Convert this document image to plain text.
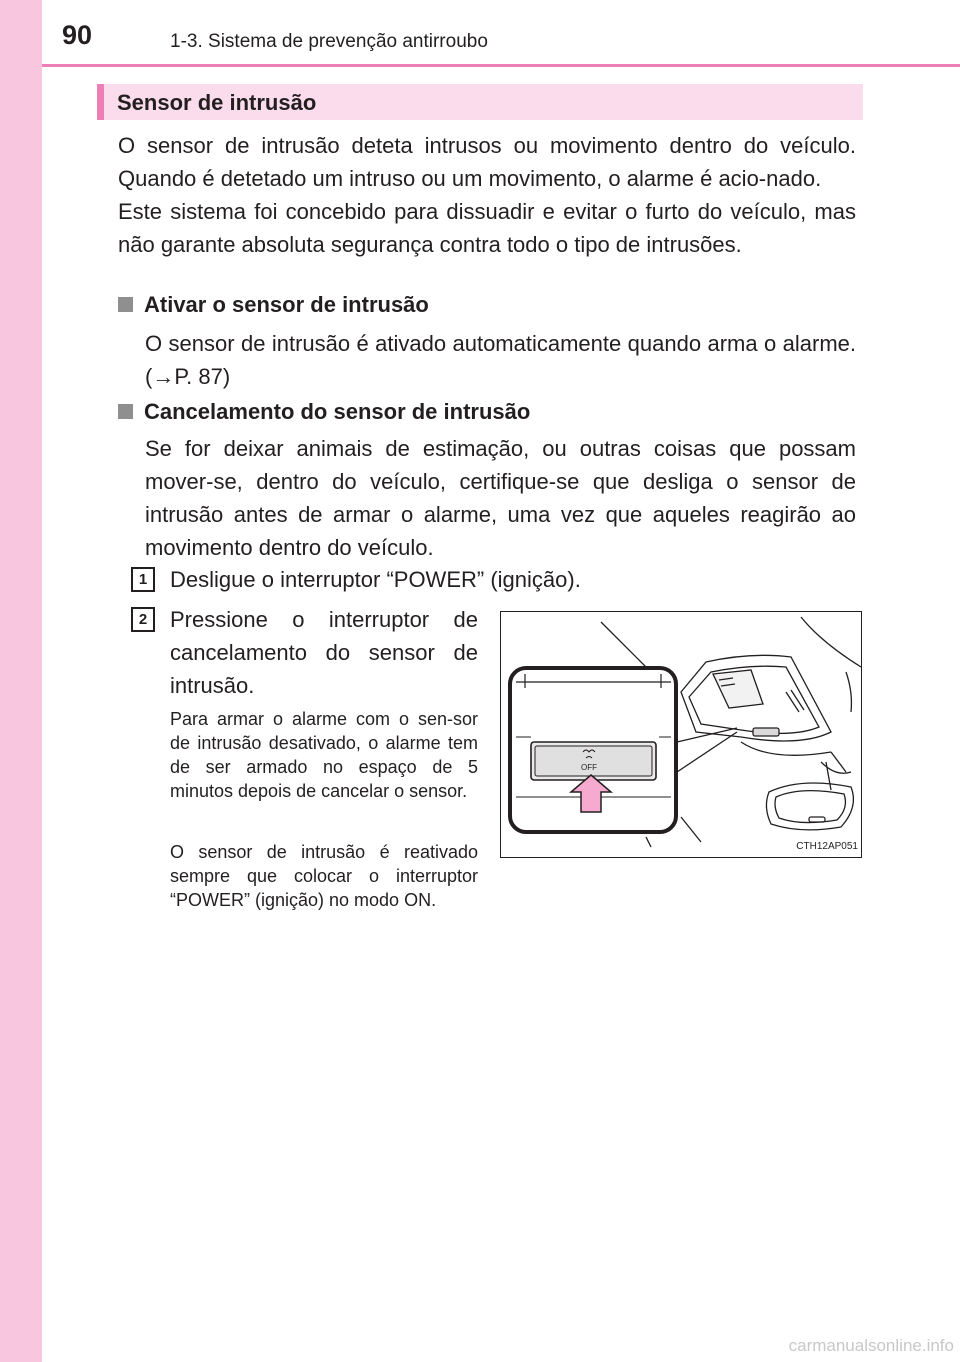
90	1-3. Sistema de prevenção antirroubo
Sensor de intrusão
O sensor de intrusão deteta intrusos ou movimento dentro do veículo. Quando é detetado um intruso ou um movimento, o alarme é acio-nado.
Este sistema foi concebido para dissuadir e evitar o furto do veículo, mas não garante absoluta segurança contra todo o tipo de intrusões.
Ativar o sensor de intrusão

O sensor de intrusão é ativado automaticamente quando arma o alarme. (→P. 87)

Cancelamento do sensor de intrusão

Se for deixar animais de estimação, ou outras coisas que possam mover-se, dentro do veículo, certifique-se que desliga o sensor de intrusão antes de armar o alarme, uma vez que aqueles reagirão ao movimento dentro do veículo.

1	Desligue o interruptor “POWER” (ignição).

2	Pressione o interruptor de cancelamento do sensor de intrusão.

Para armar o alarme com o sen-sor de intrusão desativado, o alarme tem de ser armado no espaço de 5 minutos depois de cancelar o sensor.

O sensor de intrusão é reativado sempre que colocar o interruptor “POWER” (ignição) no modo ON.

OFF
CTH12AP051
carmanualsonline.info
